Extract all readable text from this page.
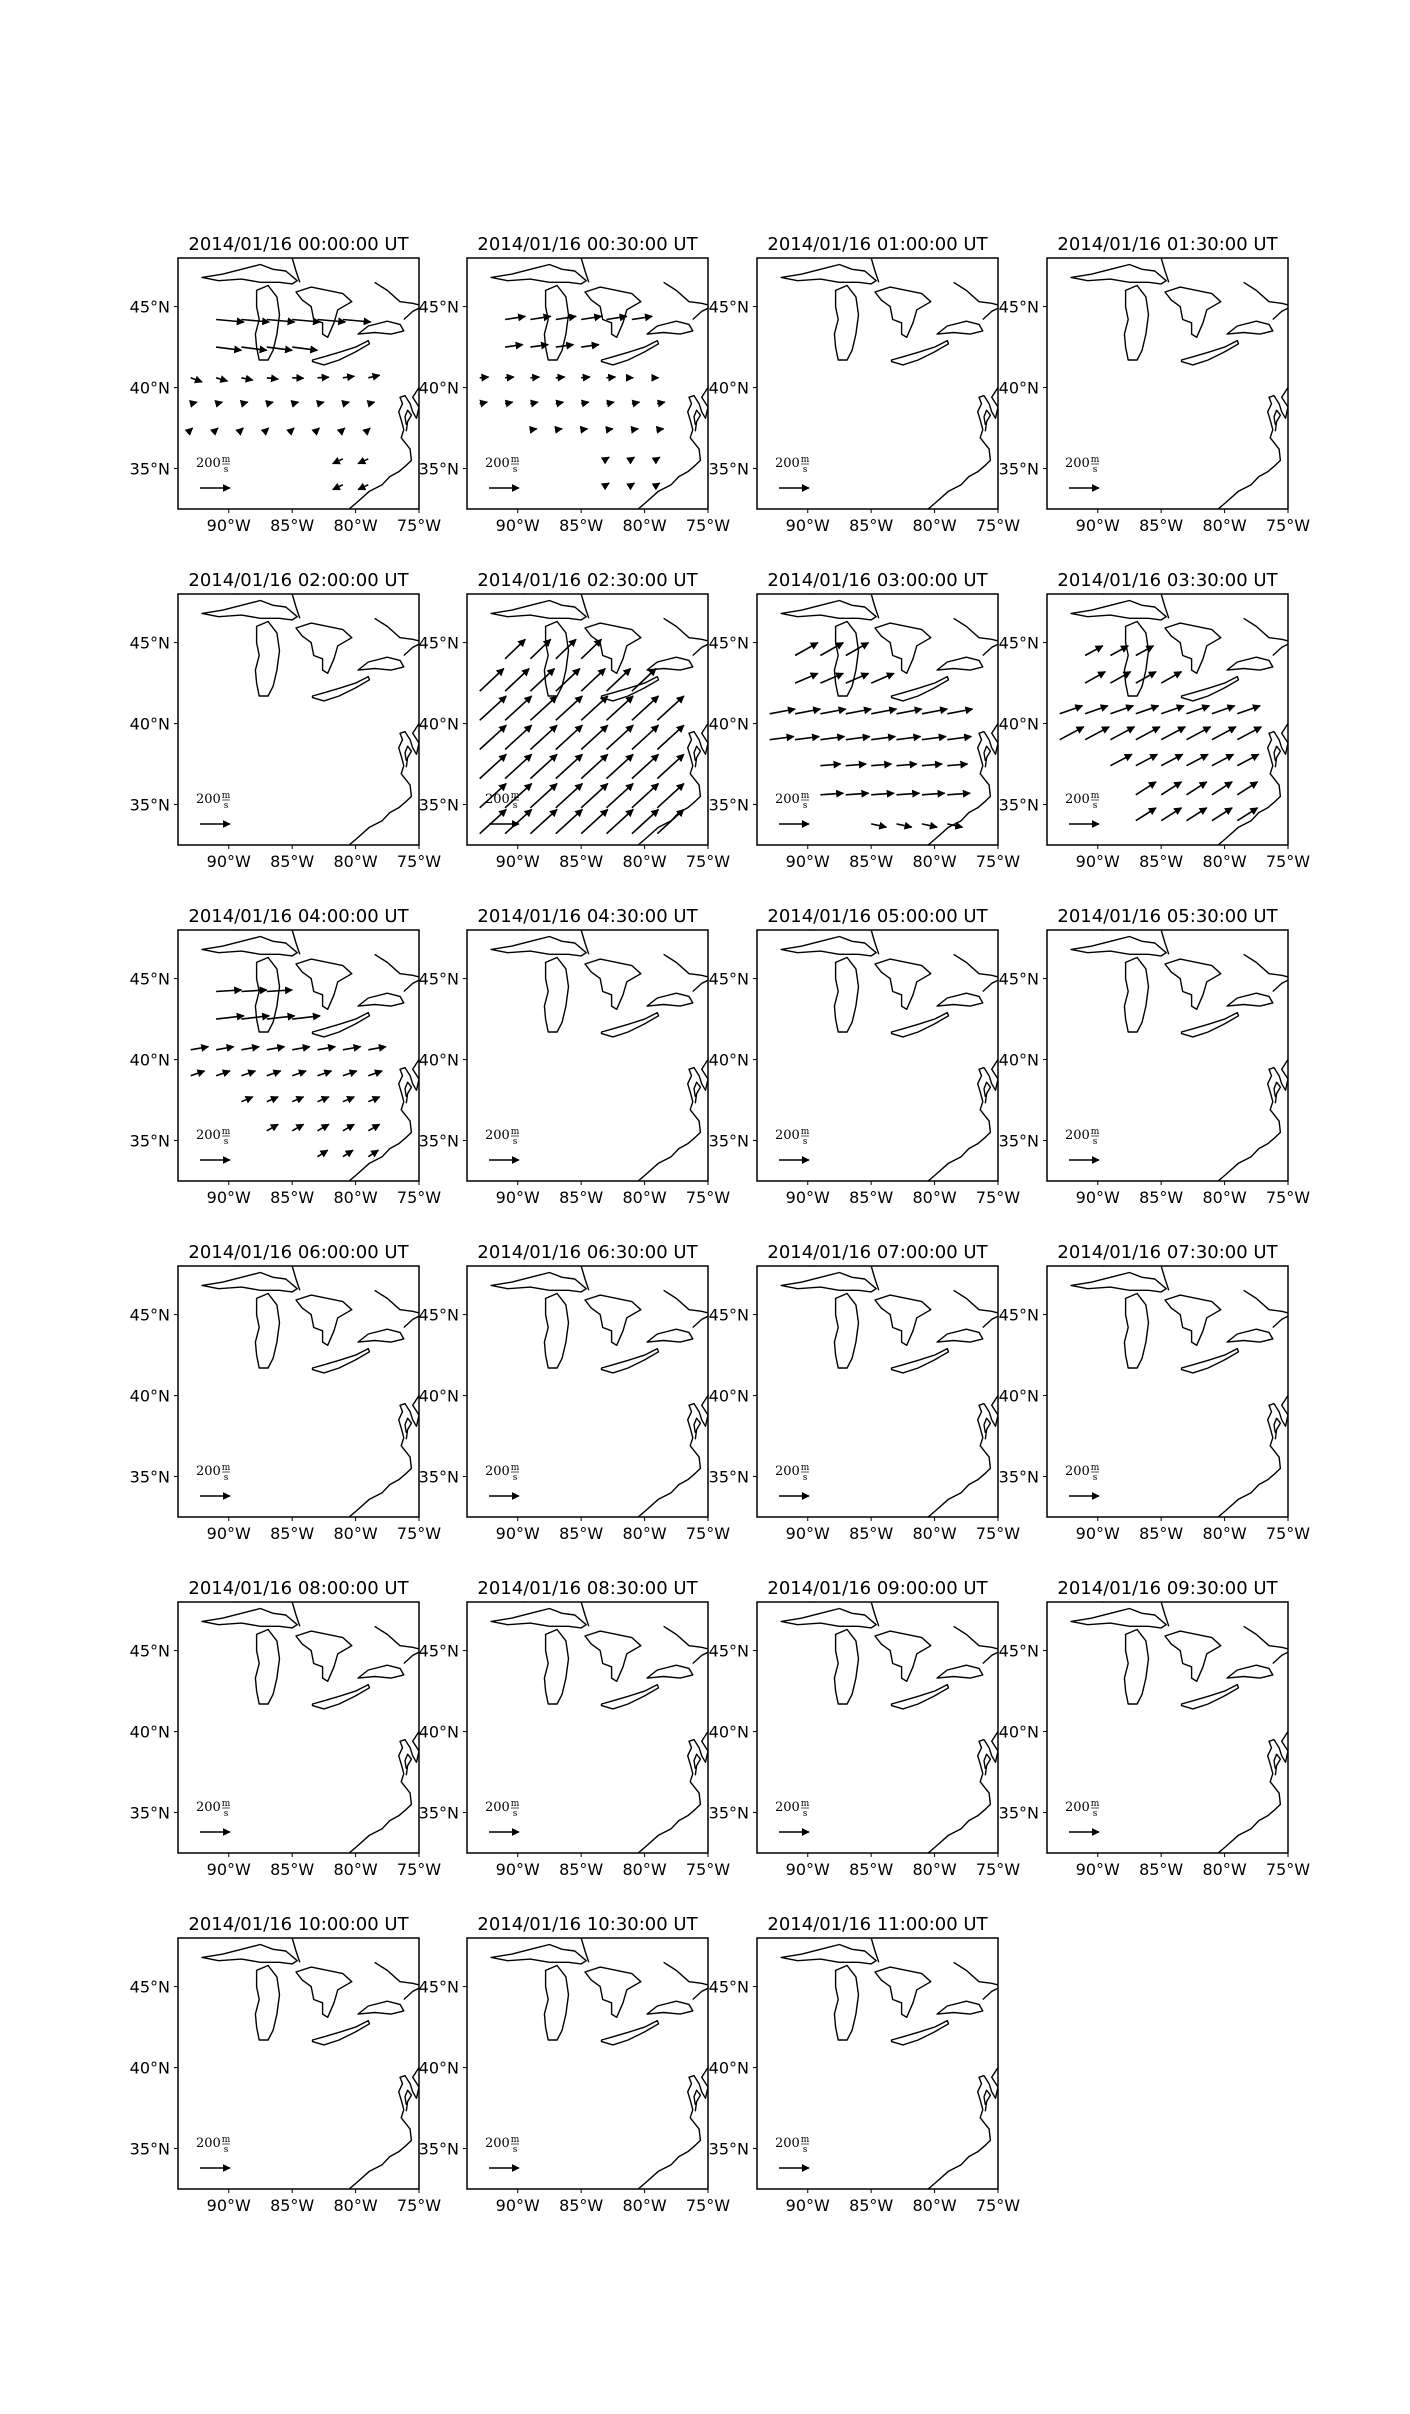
2014/01/16 00:00:00 UT
200 m
s
90°W 85°W 80°W 75°W
45°N
40°N
35°N
2014/01/16 00:30:00 UT
200 m
s
90°W 85°W 80°W 75°W
45°N
40°N
35°N
2014/01/16 01:00:00 UT
200 m
s
90°W 85°W 80°W 75°W
45°N
40°N
35°N
2014/01/16 01:30:00 UT
200 m
s
90°W 85°W 80°W 75°W
45°N
40°N
35°N
2014/01/16 02:00:00 UT
200 m
s
90°W 85°W 80°W 75°W
45°N
40°N
35°N
2014/01/16 02:30:00 UT
200 m
s
90°W 85°W 80°W 75°W
45°N
40°N
35°N
2014/01/16 03:00:00 UT
200 m
s
90°W 85°W 80°W 75°W
45°N
40°N
35°N
2014/01/16 03:30:00 UT
200 m
s
90°W 85°W 80°W 75°W
45°N
40°N
35°N
2014/01/16 04:00:00 UT
200 m
s
90°W 85°W 80°W 75°W
45°N
40°N
35°N
2014/01/16 04:30:00 UT
200 m
s
90°W 85°W 80°W 75°W
45°N
40°N
35°N
2014/01/16 05:00:00 UT
200 m
s
90°W 85°W 80°W 75°W
45°N
40°N
35°N
2014/01/16 05:30:00 UT
200 m
s
90°W 85°W 80°W 75°W
45°N
40°N
35°N
2014/01/16 06:00:00 UT
200 m
s
90°W 85°W 80°W 75°W
45°N
40°N
35°N
2014/01/16 06:30:00 UT
200 m
s
90°W 85°W 80°W 75°W
45°N
40°N
35°N
2014/01/16 07:00:00 UT
200 m
s
90°W 85°W 80°W 75°W
45°N
40°N
35°N
2014/01/16 07:30:00 UT
200 m
s
90°W 85°W 80°W 75°W
45°N
40°N
35°N
2014/01/16 08:00:00 UT
200 m
s
90°W 85°W 80°W 75°W
45°N
40°N
35°N
2014/01/16 08:30:00 UT
200 m
s
90°W 85°W 80°W 75°W
45°N
40°N
35°N
2014/01/16 09:00:00 UT
200 m
s
90°W 85°W 80°W 75°W
45°N
40°N
35°N
2014/01/16 09:30:00 UT
200 m
s
90°W 85°W 80°W 75°W
45°N
40°N
35°N
2014/01/16 10:00:00 UT
200 m
s
90°W 85°W 80°W 75°W
45°N
40°N
35°N
2014/01/16 10:30:00 UT
200 m
s
90°W 85°W 80°W 75°W
45°N
40°N
35°N
2014/01/16 11:00:00 UT
200 m
s
90°W 85°W 80°W 75°W
45°N
40°N
35°N
